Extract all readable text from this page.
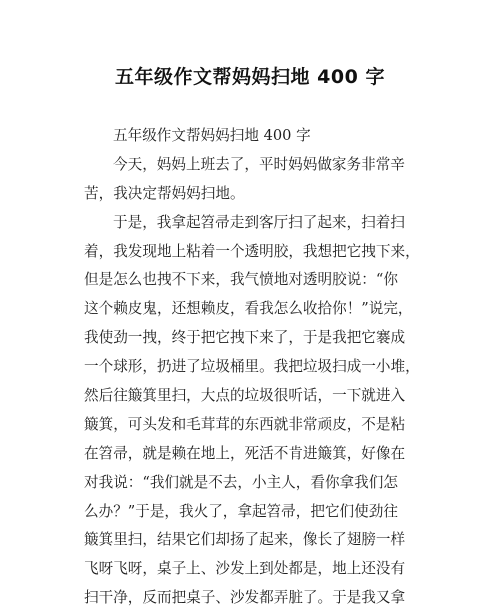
五年级作文帮妈妈扫地 400 字
五年级作文帮妈妈扫地 400 字
今天，妈妈上班去了，平时妈妈做家务非常辛
苦，我决定帮妈妈扫地。
于是，我拿起笤帚走到客厅扫了起来，扫着扫
着，我发现地上粘着一个透明胶，我想把它拽下来，
但是怎么也拽不下来，我气愤地对透明胶说：“你
这个赖皮鬼，还想赖皮，看我怎么收拾你！”说完，
我使劲一拽，终于把它拽下来了，于是我把它褰成
一个球形，扔进了垃圾桶里。我把垃圾扫成一小堆，
然后往簸箕里扫，大点的垃圾很听话，一下就进入
簸箕，可头发和毛茸茸的东西就非常顽皮，不是粘
在笤帚，就是赖在地上，死活不肯进簸箕，好像在
对我说：“我们就是不去，小主人，看你拿我们怎
么办？”于是，我火了，拿起笤帚，把它们使劲往
簸箕里扫，结果它们却扬了起来，像长了翅膀一样
飞呀飞呀，桌子上、沙发上到处都是，地上还没有
扫干净，反而把桌子、沙发都弄脏了。于是我又拿
